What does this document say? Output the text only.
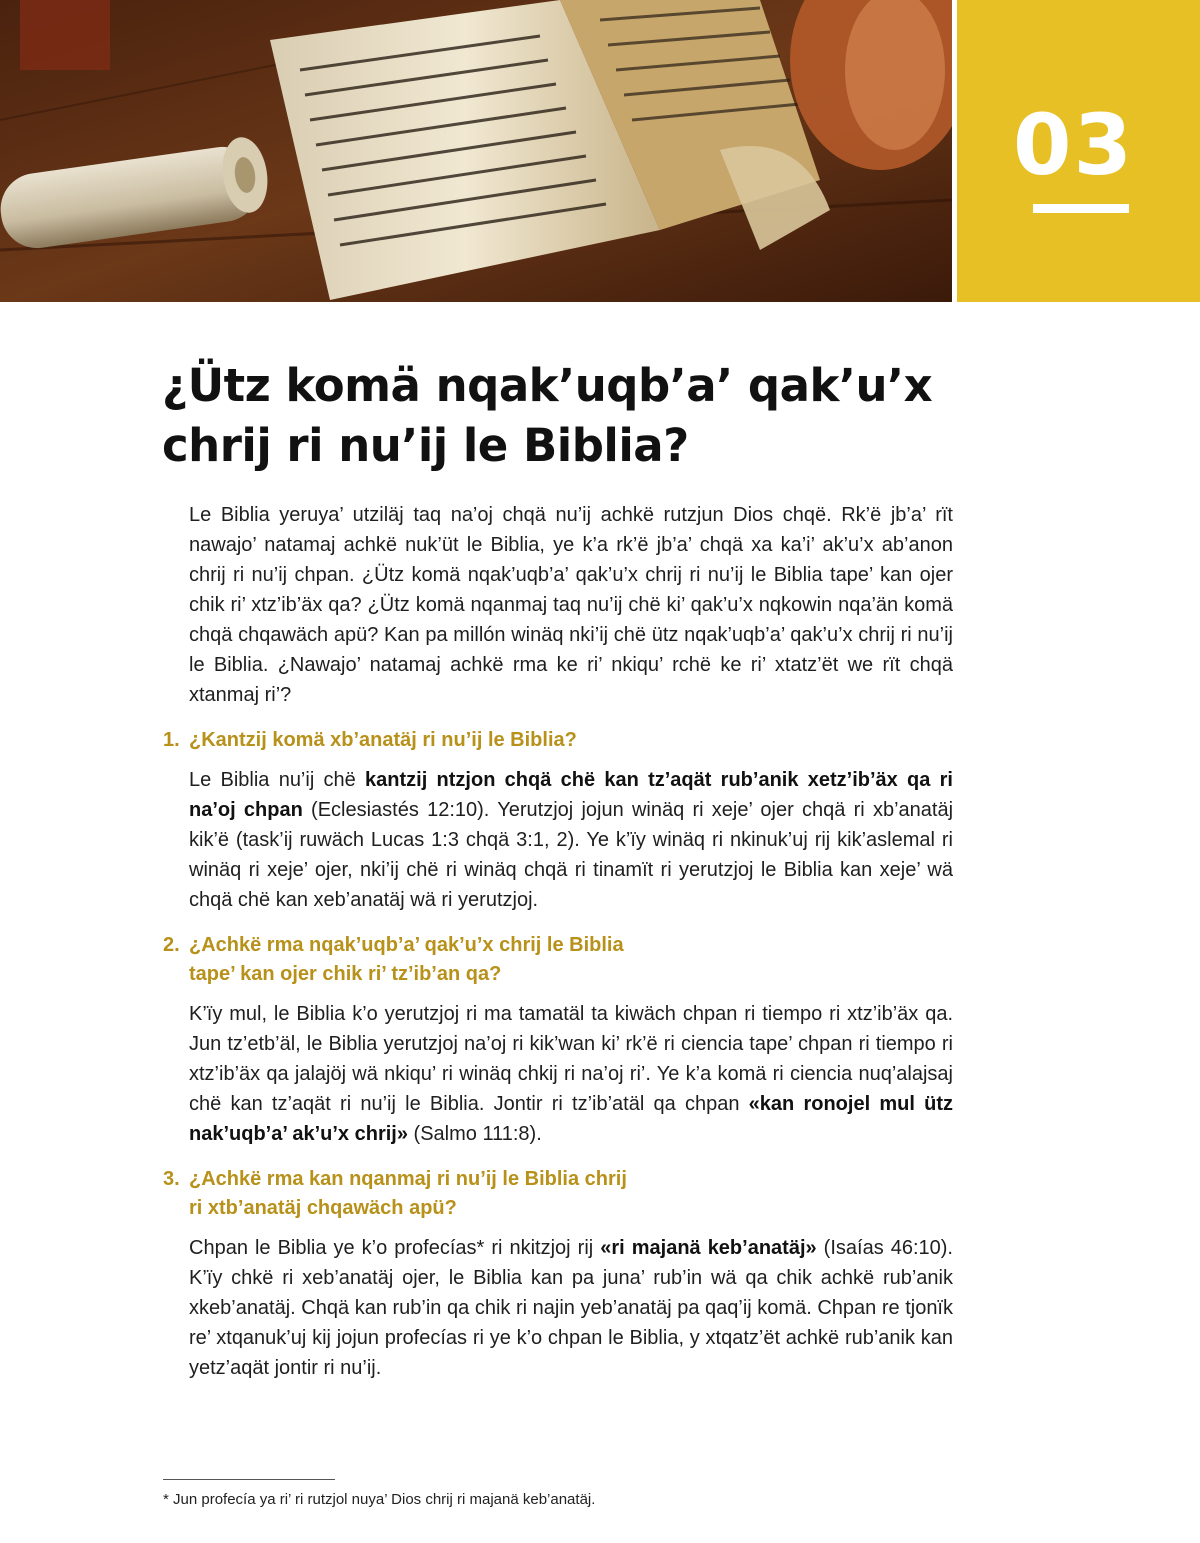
03
¿Ütz komä nqak’uqb’a’ qak’u’x
chrij ri nu’ij le Biblia?

Le Biblia yeruya’ utziläj taq na’oj chqä nu’ij achkë rutzjun Dios chqë. Rk’ë jb’a’ rït nawajo’ natamaj achkë nuk’üt le Biblia, ye k’a rk’ë jb’a’ chqä xa ka’i’ ak’u’x ab’anon chrij ri nu’ij chpan. ¿Ütz komä nqak’uqb’a’ qak’u’x chrij ri nu’ij le Biblia tape’ kan ojer chik ri’ xtz’ib’äx qa? ¿Ütz komä nqanmaj taq nu’ij chë ki’ qak’u’x nqkowin nqa’än komä chqä chqawäch apü? Kan pa millón winäq nki’ij chë ütz nqak’uqb’a’ qak’u’x chrij ri nu’ij le Biblia. ¿Nawajo’ natamaj achkë rma ke ri’ nkiqu’ rchë ke ri’ xtatz’ët we rït chqä xtanmaj ri’?

1. ¿Kantzij komä xb’anatäj ri nu’ij le Biblia?

Le Biblia nu’ij chë kantzij ntzjon chqä chë kan tz’aqät rub’anik xetz’ib’äx qa ri na’oj chpan (Eclesiastés 12:10). Yerutzjoj jojun winäq ri xeje’ ojer chqä ri xb’anatäj kik’ë (task’ij ruwäch Lucas 1:3 chqä 3:1, 2). Ye k’ïy winäq ri nkinuk’uj rij kik’aslemal ri winäq ri xeje’ ojer, nki’ij chë ri winäq chqä ri tinamït ri yerutzjoj le Biblia kan xeje’ wä chqä chë kan xeb’anatäj wä ri yerutzjoj.

2. ¿Achkë rma nqak’uqb’a’ qak’u’x chrij le Biblia
tape’ kan ojer chik ri’ tz’ib’an qa?

K’ïy mul, le Biblia k’o yerutzjoj ri ma tamatäl ta kiwäch chpan ri tiempo ri xtz’ib’äx qa. Jun tz’etb’äl, le Biblia yerutzjoj na’oj ri kik’wan ki’ rk’ë ri ciencia tape’ chpan ri tiempo ri xtz’ib’äx qa jalajöj wä nkiqu’ ri winäq chkij ri na’oj ri’. Ye k’a komä ri ciencia nuq’alajsaj chë kan tz’aqät ri nu’ij le Biblia. Jontir ri tz’ib’atäl qa chpan «kan ronojel mul ütz nak’uqb’a’ ak’u’x chrij» (Salmo 111:8).

3. ¿Achkë rma kan nqanmaj ri nu’ij le Biblia chrij
ri xtb’anatäj chqawäch apü?

Chpan le Biblia ye k’o profecías* ri nkitzjoj rij «ri majanä keb’anatäj» (Isaías 46:10). K’ïy chkë ri xeb’anatäj ojer, le Biblia kan pa juna’ rub’in wä qa chik achkë rub’anik xkeb’anatäj. Chqä kan rub’in qa chik ri najin yeb’anatäj pa qaq’ij komä. Chpan re tjonïk re’ xtqanuk’uj kij jojun profecías ri ye k’o chpan le Biblia, y xtqatz’ët achkë rub’anik kan yetz’aqät jontir ri nu’ij.

* Jun profecía ya ri’ ri rutzjol nuya’ Dios chrij ri majanä keb’anatäj.
